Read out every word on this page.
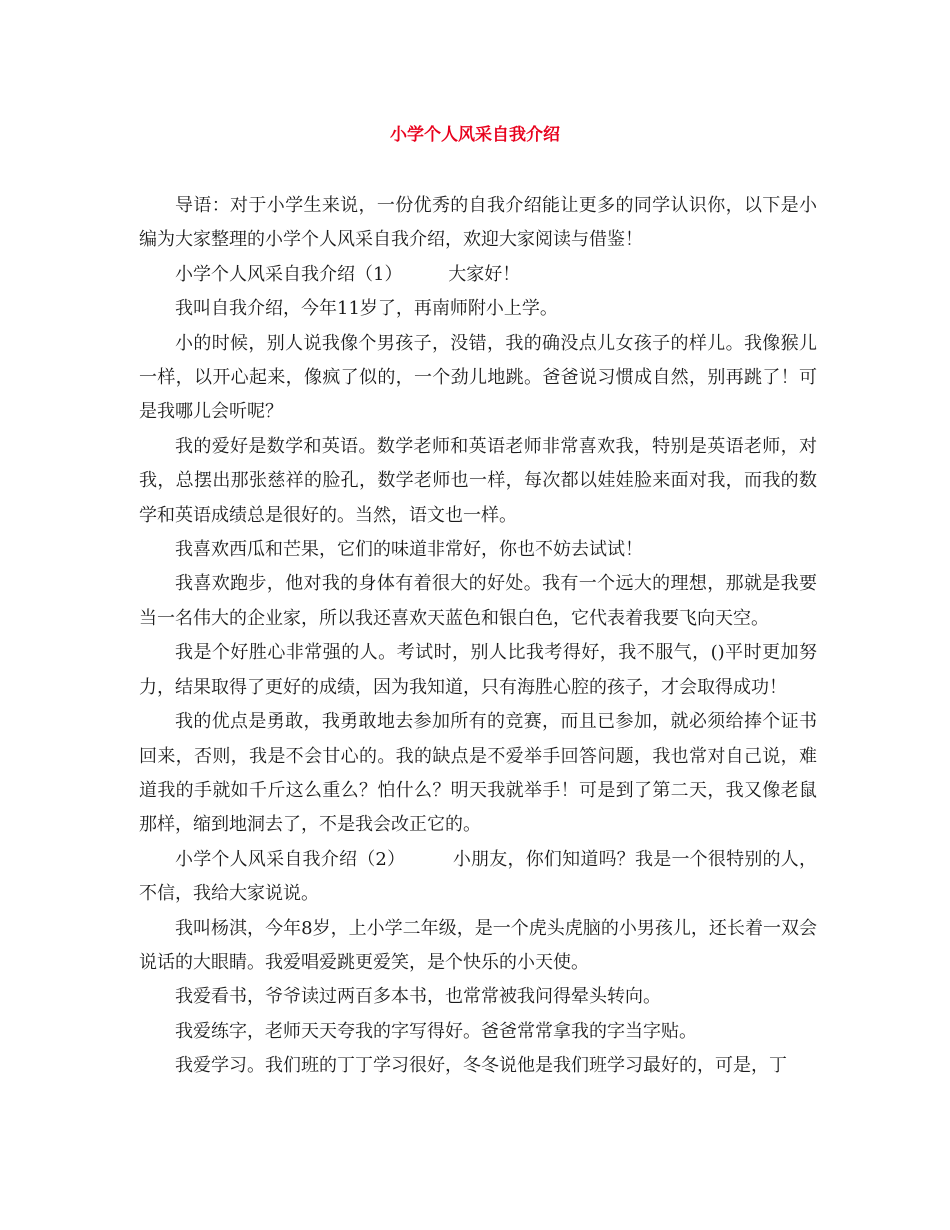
小学个人风采自我介绍

导语：对于小学生来说，一份优秀的自我介绍能让更多的同学认识你，以下是小编为大家整理的小学个人风采自我介绍，欢迎大家阅读与借鉴！

小学个人风采自我介绍（1）        大家好！

我叫自我介绍，今年11岁了，再南师附小上学。

小的时候，别人说我像个男孩子，没错，我的确没点儿女孩子的样儿。我像猴儿一样，以开心起来，像疯了似的，一个劲儿地跳。爸爸说习惯成自然，别再跳了！可是我哪儿会听呢？

我的爱好是数学和英语。数学老师和英语老师非常喜欢我，特别是英语老师，对我，总摆出那张慈祥的脸孔，数学老师也一样，每次都以娃娃脸来面对我，而我的数学和英语成绩总是很好的。当然，语文也一样。

我喜欢西瓜和芒果，它们的味道非常好，你也不妨去试试！

我喜欢跑步，他对我的身体有着很大的好处。我有一个远大的理想，那就是我要当一名伟大的企业家，所以我还喜欢天蓝色和银白色，它代表着我要飞向天空。

我是个好胜心非常强的人。考试时，别人比我考得好，我不服气，()平时更加努力，结果取得了更好的成绩，因为我知道，只有海胜心腔的孩子，才会取得成功！

我的优点是勇敢，我勇敢地去参加所有的竞赛，而且已参加，就必须给捧个证书回来，否则，我是不会甘心的。我的缺点是不爱举手回答问题，我也常对自己说，难道我的手就如千斤这么重么？怕什么？明天我就举手！可是到了第二天，我又像老鼠那样，缩到地洞去了，不是我会改正它的。

小学个人风采自我介绍（2）        小朋友，你们知道吗？我是一个很特别的人，不信，我给大家说说。

我叫杨淇，今年8岁，上小学二年级，是一个虎头虎脑的小男孩儿，还长着一双会说话的大眼睛。我爱唱爱跳更爱笑，是个快乐的小天使。

我爱看书，爷爷读过两百多本书，也常常被我问得晕头转向。

我爱练字，老师天天夸我的字写得好。爸爸常常拿我的字当字贴。

我爱学习。我们班的丁丁学习很好，冬冬说他是我们班学习最好的，可是，丁
